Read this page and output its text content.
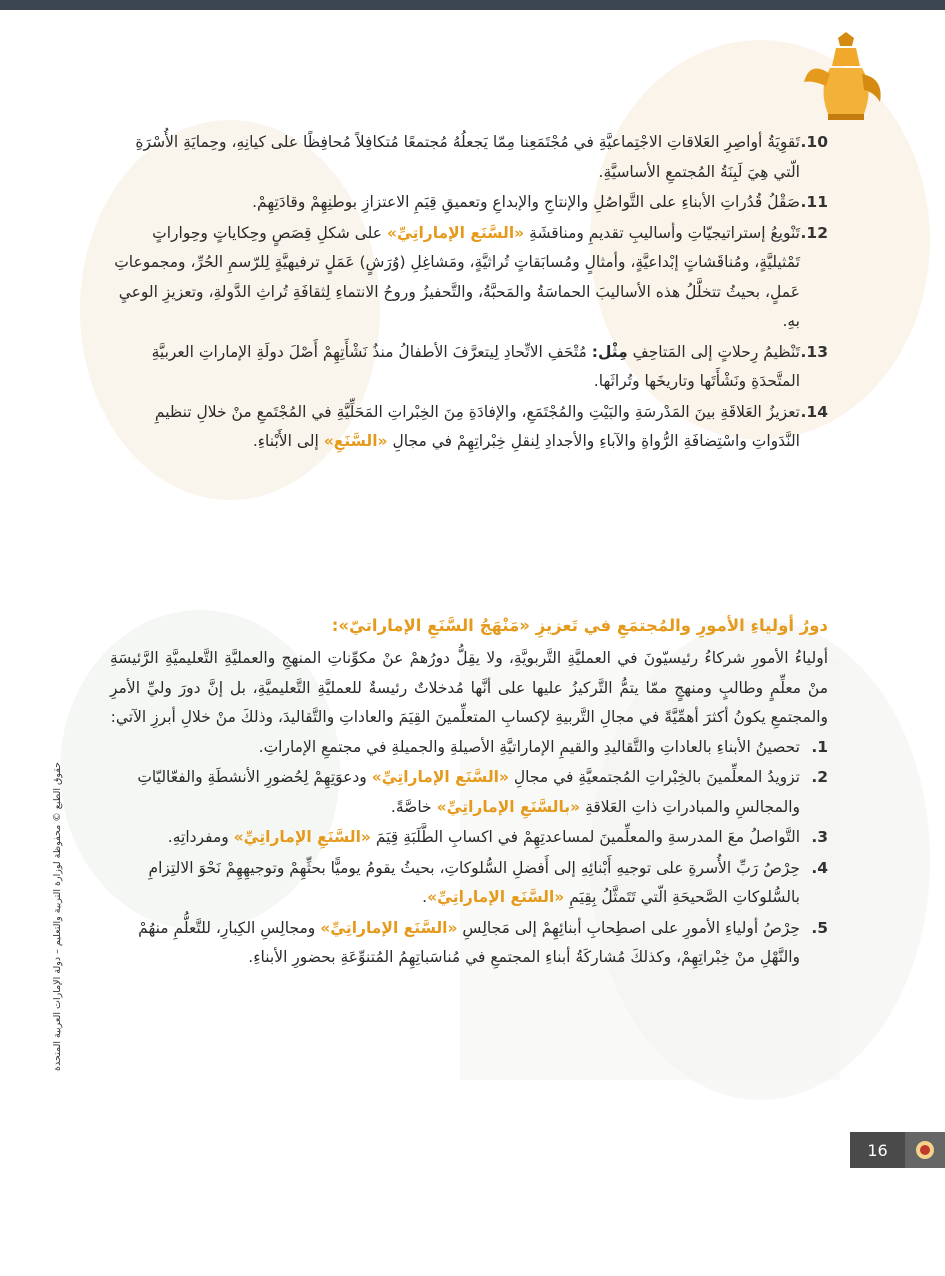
10.
تَقوِيَةُ أواصِرِ العَلاقاتِ الاجْتِماعيَّةِ في مُجْتَمَعِنا مِمّا يَجعلُهُ مُجتمعًا مُتكافِلاً مُحافِظًا على كيانِهِ، وحِمايَةِ الأُسْرَةِ الّتي هِيَ لَبِنَةُ المُجتمعِ الأساسيَّةِ.
11.
صَقْلُ قُدُراتِ الأبناءِ على التَّواصُلِ والإنتاجِ والإبداعِ وتعميقِ قِيَمِ الاعتزازِ بوطنِهِمْ وقادَتِهِمْ.
12.
تَنْويعُ إستراتيجيّاتِ وأساليبِ تقديمِ ومناقشَةِ «السَّنَع الإماراتِيِّ» على شكلِ قِصَصٍ وحِكاياتٍ وحِواراتٍ تَمْثيليَّةٍ، ومُناقَشاتٍ إبْداعيَّةٍ، وأمثالٍ ومُسابَقاتٍ تُراثيَّةٍ، ومَشاغِلِ (وُرَشٍ) عَمَلٍ ترفيهيَّةٍ لِلرّسمِ الحُرِّ، ومجموعاتِ عَملٍ، بحيثُ تتخلَّلُ هذه الأساليبَ الحماسَةُ والمَحبَّةُ، والتَّحفيزُ وروحُ الانتماءِ لِثقافَةِ تُراثِ الدَّولةِ، وتعزيزِ الوعيِ بهِ.
13.
تَنْظيمُ رِحلاتٍ إلى المَتاحِفِ مِثْل: مُتْحَفِ الاتِّحادِ لِيتعرَّفَ الأطفالُ منذُ نَشْأَتِهِمْ أَصْلَ دولَةِ الإماراتِ العربيَّةِ المتَّحدَةِ ونَشْأَتَها وتاريخَها وتُراثَها.
14.
تعزيزُ العَلاقَةِ بينَ المَدْرسَةِ والبَيْتِ والمُجْتَمَعِ، والإفادَةِ مِنَ الخِبْراتِ المَحَلِّيَّةِ في المُجْتَمعِ منْ خلالِ تنظيمِ النَّدَواتِ واسْتِضافَةِ الرُّواةِ والآباءِ والأجدادِ لِنقلِ خِبْراتِهِمْ في مجالِ «السَّنَعِ» إلى الأَبْناءِ.
دورُ أولياءِ الأمورِ والمُجتمَعِ في تَعزيزِ «مَنْهَجُ السَّنَعِ الإماراتيّ»:

أولياءُ الأمورِ شركاءُ رئيسيّونَ في العمليَّةِ التَّربويَّةِ، ولا يقِلُّ دورُهمْ عنْ مكوِّناتِ المنهجِ والعمليَّةِ التَّعليميَّةِ الرَّئيسَةِ منْ معلِّمٍ وطالبٍ ومنهجٍ ممّا يتمُّ التَّركيزُ عليها على أنَّها مُدخلاتٌ رئيسةٌ للعمليَّةِ التَّعليميَّةِ، بل إنَّ دورَ وليِّ الأمرِ والمجتمعِ يكونُ أكثرَ أهمِّيَّةً في مجالِ التَّربيةِ لإكسابِ المتعلِّمينَ القِيَمَ والعاداتِ والتَّقاليدَ، وذلكَ منْ خلالِ أبرزِ الآتي:

1.
تحصينُ الأبناءِ بالعاداتِ والتَّقاليدِ والقيمِ الإماراتيَّةِ الأصيلةِ والجميلةِ في مجتمعِ الإماراتِ.
2.
تزويدُ المعلِّمينَ بالخِبْراتِ المُجتمعيَّةِ في مجالِ «السَّنَع الإماراتِيِّ» ودعوَتِهِمْ لِحُضورِ الأنشطَةِ والفعّاليّاتِ والمجالسِ والمبادراتِ ذاتِ العَلاقةِ «بالسَّنَعِ الإماراتِيِّ» خاصَّةً.
3.
التَّواصلُ معَ المدرسةِ والمعلِّمينَ لمساعدتِهِمْ في اكسابِ الطَّلَبَةِ قِيَمَ «السَّنَعِ الإماراتِيِّ» ومفرداتِهِ.
4.
حِرْصُ رَبِّ الأُسرةِ على توجيهِ أَبْنائِهِ إلى أَفضلِ السُّلوكاتِ، بحيثُ يقومُ يوميًّا بحثِّهِمْ وتوجيهِهِمْ نَحْوَ الالتِزامِ بالسُّلوكاتِ الصَّحيحَةِ الّتي تَتَمثَّلُ بِقِيَمِ «السَّنَع الإماراتِيِّ».
5.
حِرْصُ أولياءِ الأمورِ على اصطِحابِ أبنائِهِمْ إلى مَجالِسِ «السَّنَع الإماراتِيِّ» ومجالِسِ الكِبارِ، للتَّعلُّمِ منهُمْ والنَّهْلِ منْ خِبْراتِهِمْ، وكذلكَ مُشاركَةُ أبناءِ المجتمعِ في مُناسَباتِهِمُ المُتنوِّعَةِ بحضورِ الأبناءِ.
حقوق الطبع © محفوظة لوزارة التربية والتعليم – دولة الإمارات العربية المتحدة
16
